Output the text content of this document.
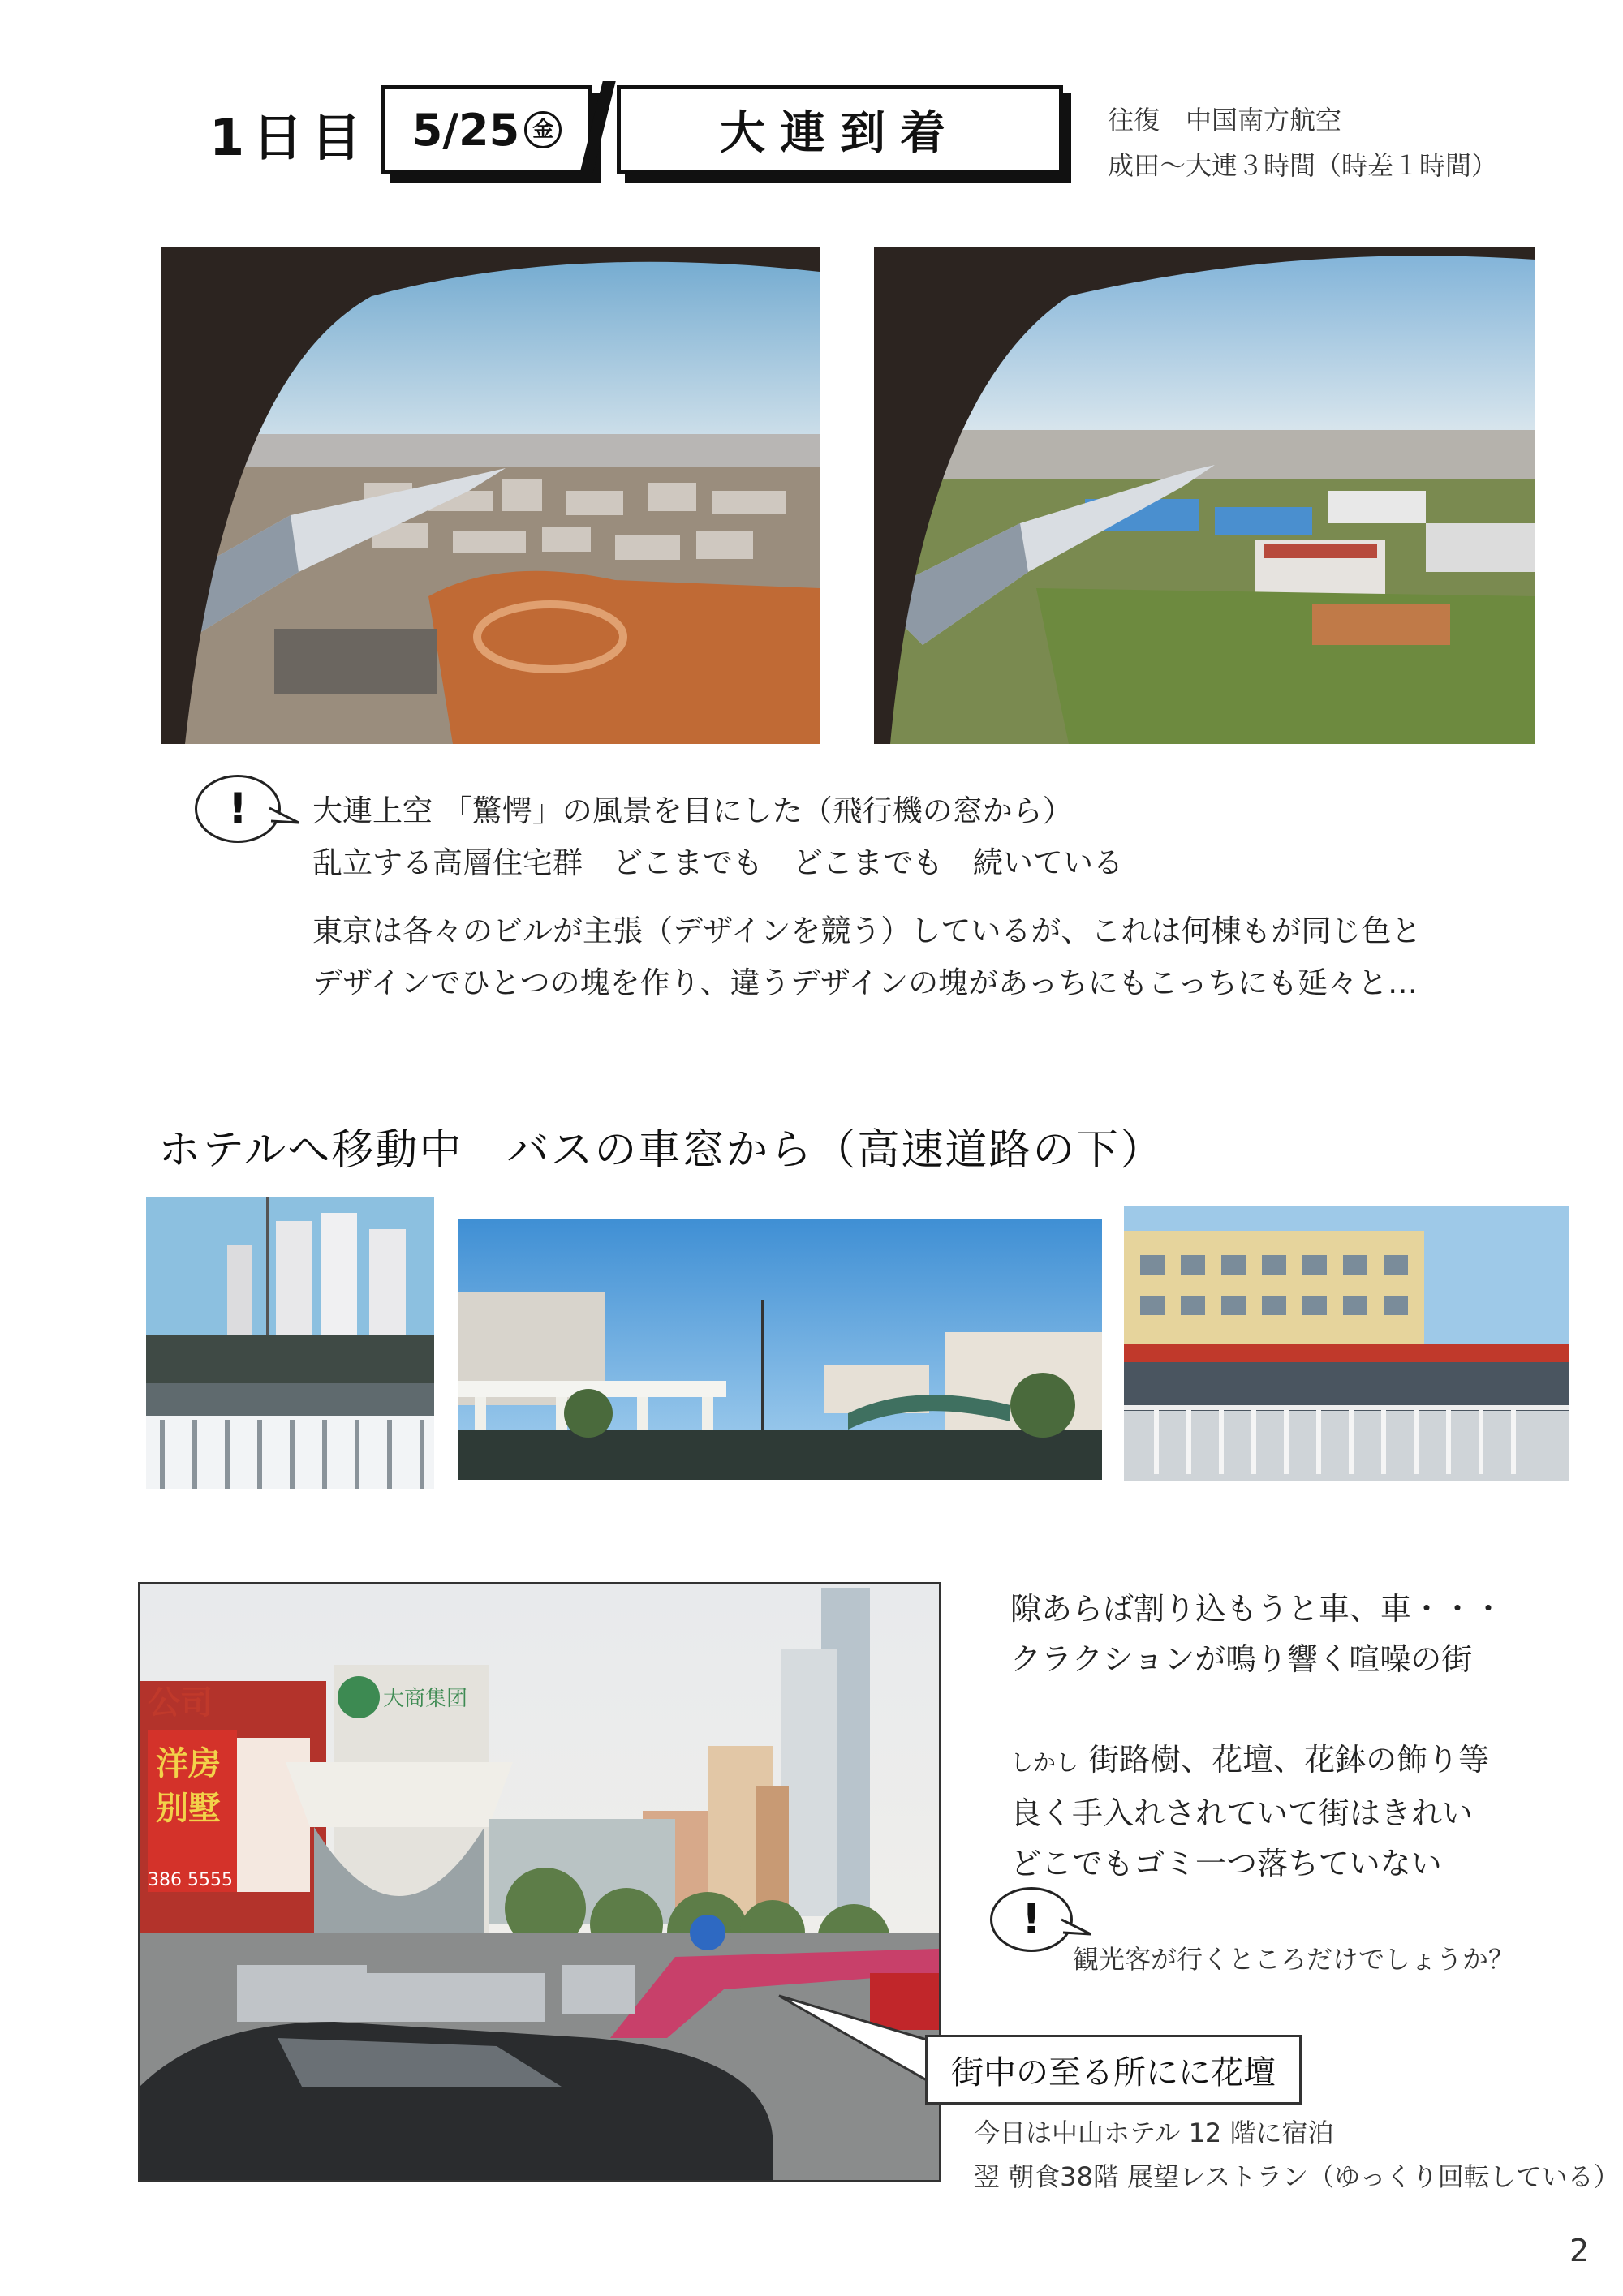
1日目 5/25 金	大連到着	往復　中国南方航空
成田〜大連３時間（時差１時間）
! 大連上空 「驚愕」の風景を目にした（飛行機の窓から）
乱立する高層住宅群　どこまでも　どこまでも　続いている
東京は各々のビルが主張（デザインを競う）しているが、これは何棟もが同じ色と
デザインでひとつの塊を作り、違うデザインの塊があっちにもこっちにも延々と…
ホテルへ移動中　バスの車窓から（高速道路の下）
公司
洋房
别墅
386 5555
大商集团
隙あらば割り込もうと車、車・・・
クラクションが鳴り響く喧噪の街
しかし 街路樹、花壇、花鉢の飾り等
良く手入れされていて街はきれい
どこでもゴミ一つ落ちていない
!
観光客が行くところだけでしょうか？
街中の至る所にに花壇
今日は中山ホテル 12 階に宿泊
翌 朝食38階 展望レストラン（ゆっくり回転している）
2
